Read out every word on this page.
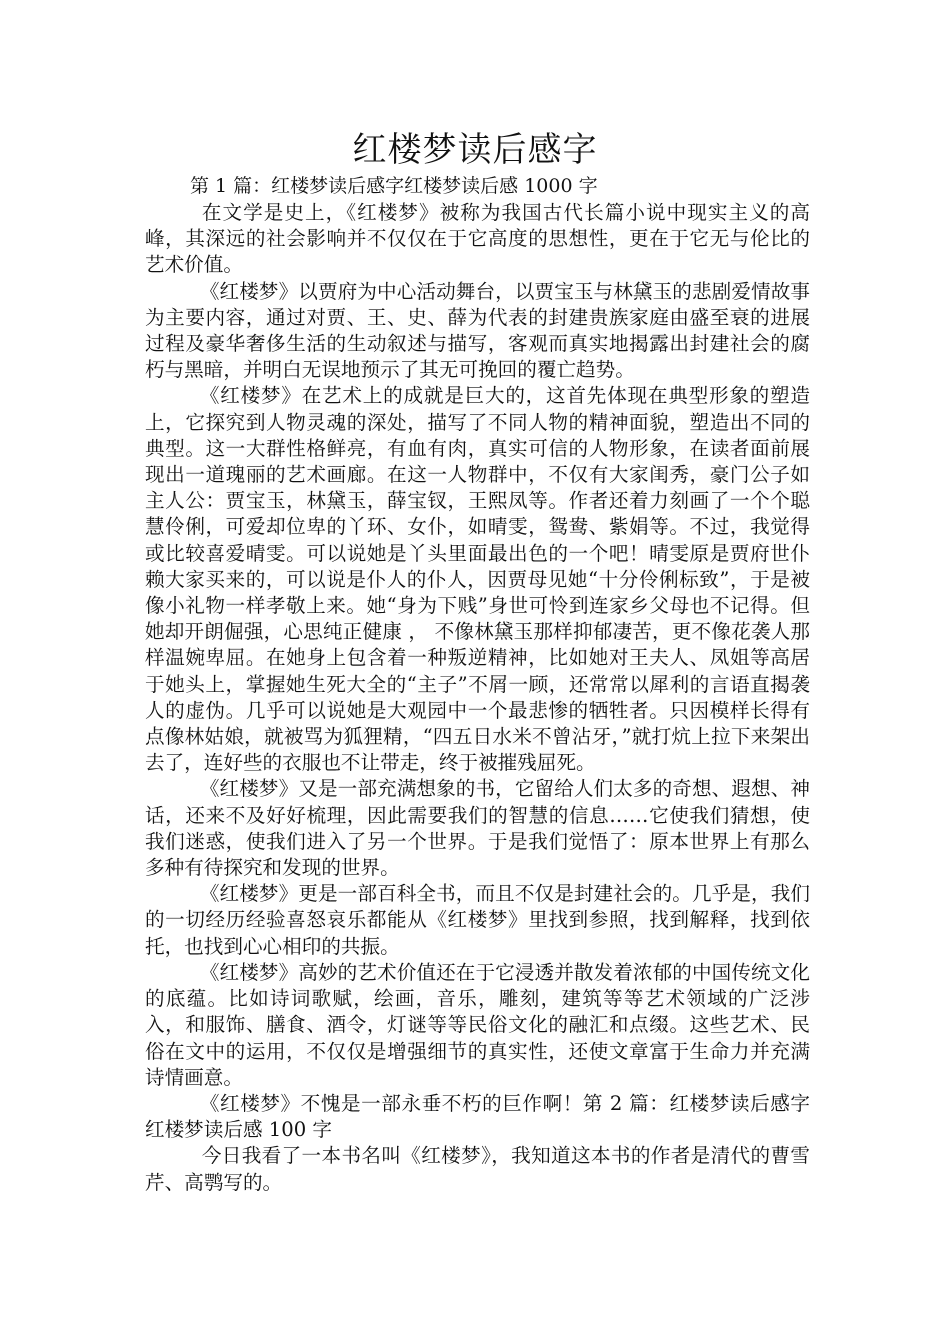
红楼梦读后感字
第 1 篇：红楼梦读后感字红楼梦读后感 1000 字

在文学是史上，《红楼梦》被称为我国古代长篇小说中现实主义的高峰，其深远的社会影响并不仅仅在于它高度的思想性，更在于它无与伦比的艺术价值。

《红楼梦》以贾府为中心活动舞台，以贾宝玉与林黛玉的悲剧爱情故事为主要内容，通过对贾、王、史、薛为代表的封建贵族家庭由盛至衰的进展过程及豪华奢侈生活的生动叙述与描写，客观而真实地揭露出封建社会的腐朽与黑暗，并明白无误地预示了其无可挽回的覆亡趋势。

《红楼梦》在艺术上的成就是巨大的，这首先体现在典型形象的塑造上，它探究到人物灵魂的深处，描写了不同人物的精神面貌，塑造出不同的典型。这一大群性格鲜亮，有血有肉，真实可信的人物形象，在读者面前展现出一道瑰丽的艺术画廊。在这一人物群中，不仅有大家闺秀，豪门公子如主人公：贾宝玉，林黛玉，薛宝钗，王熙凤等。作者还着力刻画了一个个聪慧伶俐，可爱却位卑的丫环、女仆，如晴雯，鸳鸯、紫娟等。不过，我觉得或比较喜爱晴雯。可以说她是丫头里面最出色的一个吧！晴雯原是贾府世仆赖大家买来的，可以说是仆人的仆人，因贾母见她“十分伶俐标致”，于是被像小礼物一样孝敬上来。她“身为下贱”身世可怜到连家乡父母也不记得。但她却开朗倔强，心思纯正健康 ， 不像林黛玉那样抑郁凄苦，更不像花袭人那样温婉卑屈。在她身上包含着一种叛逆精神，比如她对王夫人、凤姐等高居于她头上，掌握她生死大全的“主子”不屑一顾，还常常以犀利的言语直揭袭人的虚伪。几乎可以说她是大观园中一个最悲惨的牺牲者。只因模样长得有点像林姑娘，就被骂为狐狸精，“四五日水米不曾沾牙，”就打炕上拉下来架出去了，连好些的衣服也不让带走，终于被摧残屈死。

《红楼梦》又是一部充满想象的书，它留给人们太多的奇想、遐想、神话，还来不及好好梳理，因此需要我们的智慧的信息……它使我们猜想，使我们迷惑，使我们进入了另一个世界。于是我们觉悟了：原本世界上有那么多种有待探究和发现的世界。

《红楼梦》更是一部百科全书，而且不仅是封建社会的。几乎是，我们的一切经历经验喜怒哀乐都能从《红楼梦》里找到参照，找到解释，找到依托，也找到心心相印的共振。

《红楼梦》高妙的艺术价值还在于它浸透并散发着浓郁的中国传统文化的底蕴。比如诗词歌赋，绘画，音乐，雕刻，建筑等等艺术领域的广泛涉入，和服饰、膳食、酒令，灯谜等等民俗文化的融汇和点缀。这些艺术、民俗在文中的运用，不仅仅是增强细节的真实性，还使文章富于生命力并充满诗情画意。

《红楼梦》不愧是一部永垂不朽的巨作啊！第 2 篇：红楼梦读后感字红楼梦读后感 100 字

今日我看了一本书名叫《红楼梦》，我知道这本书的作者是清代的曹雪芹、高鹗写的。
